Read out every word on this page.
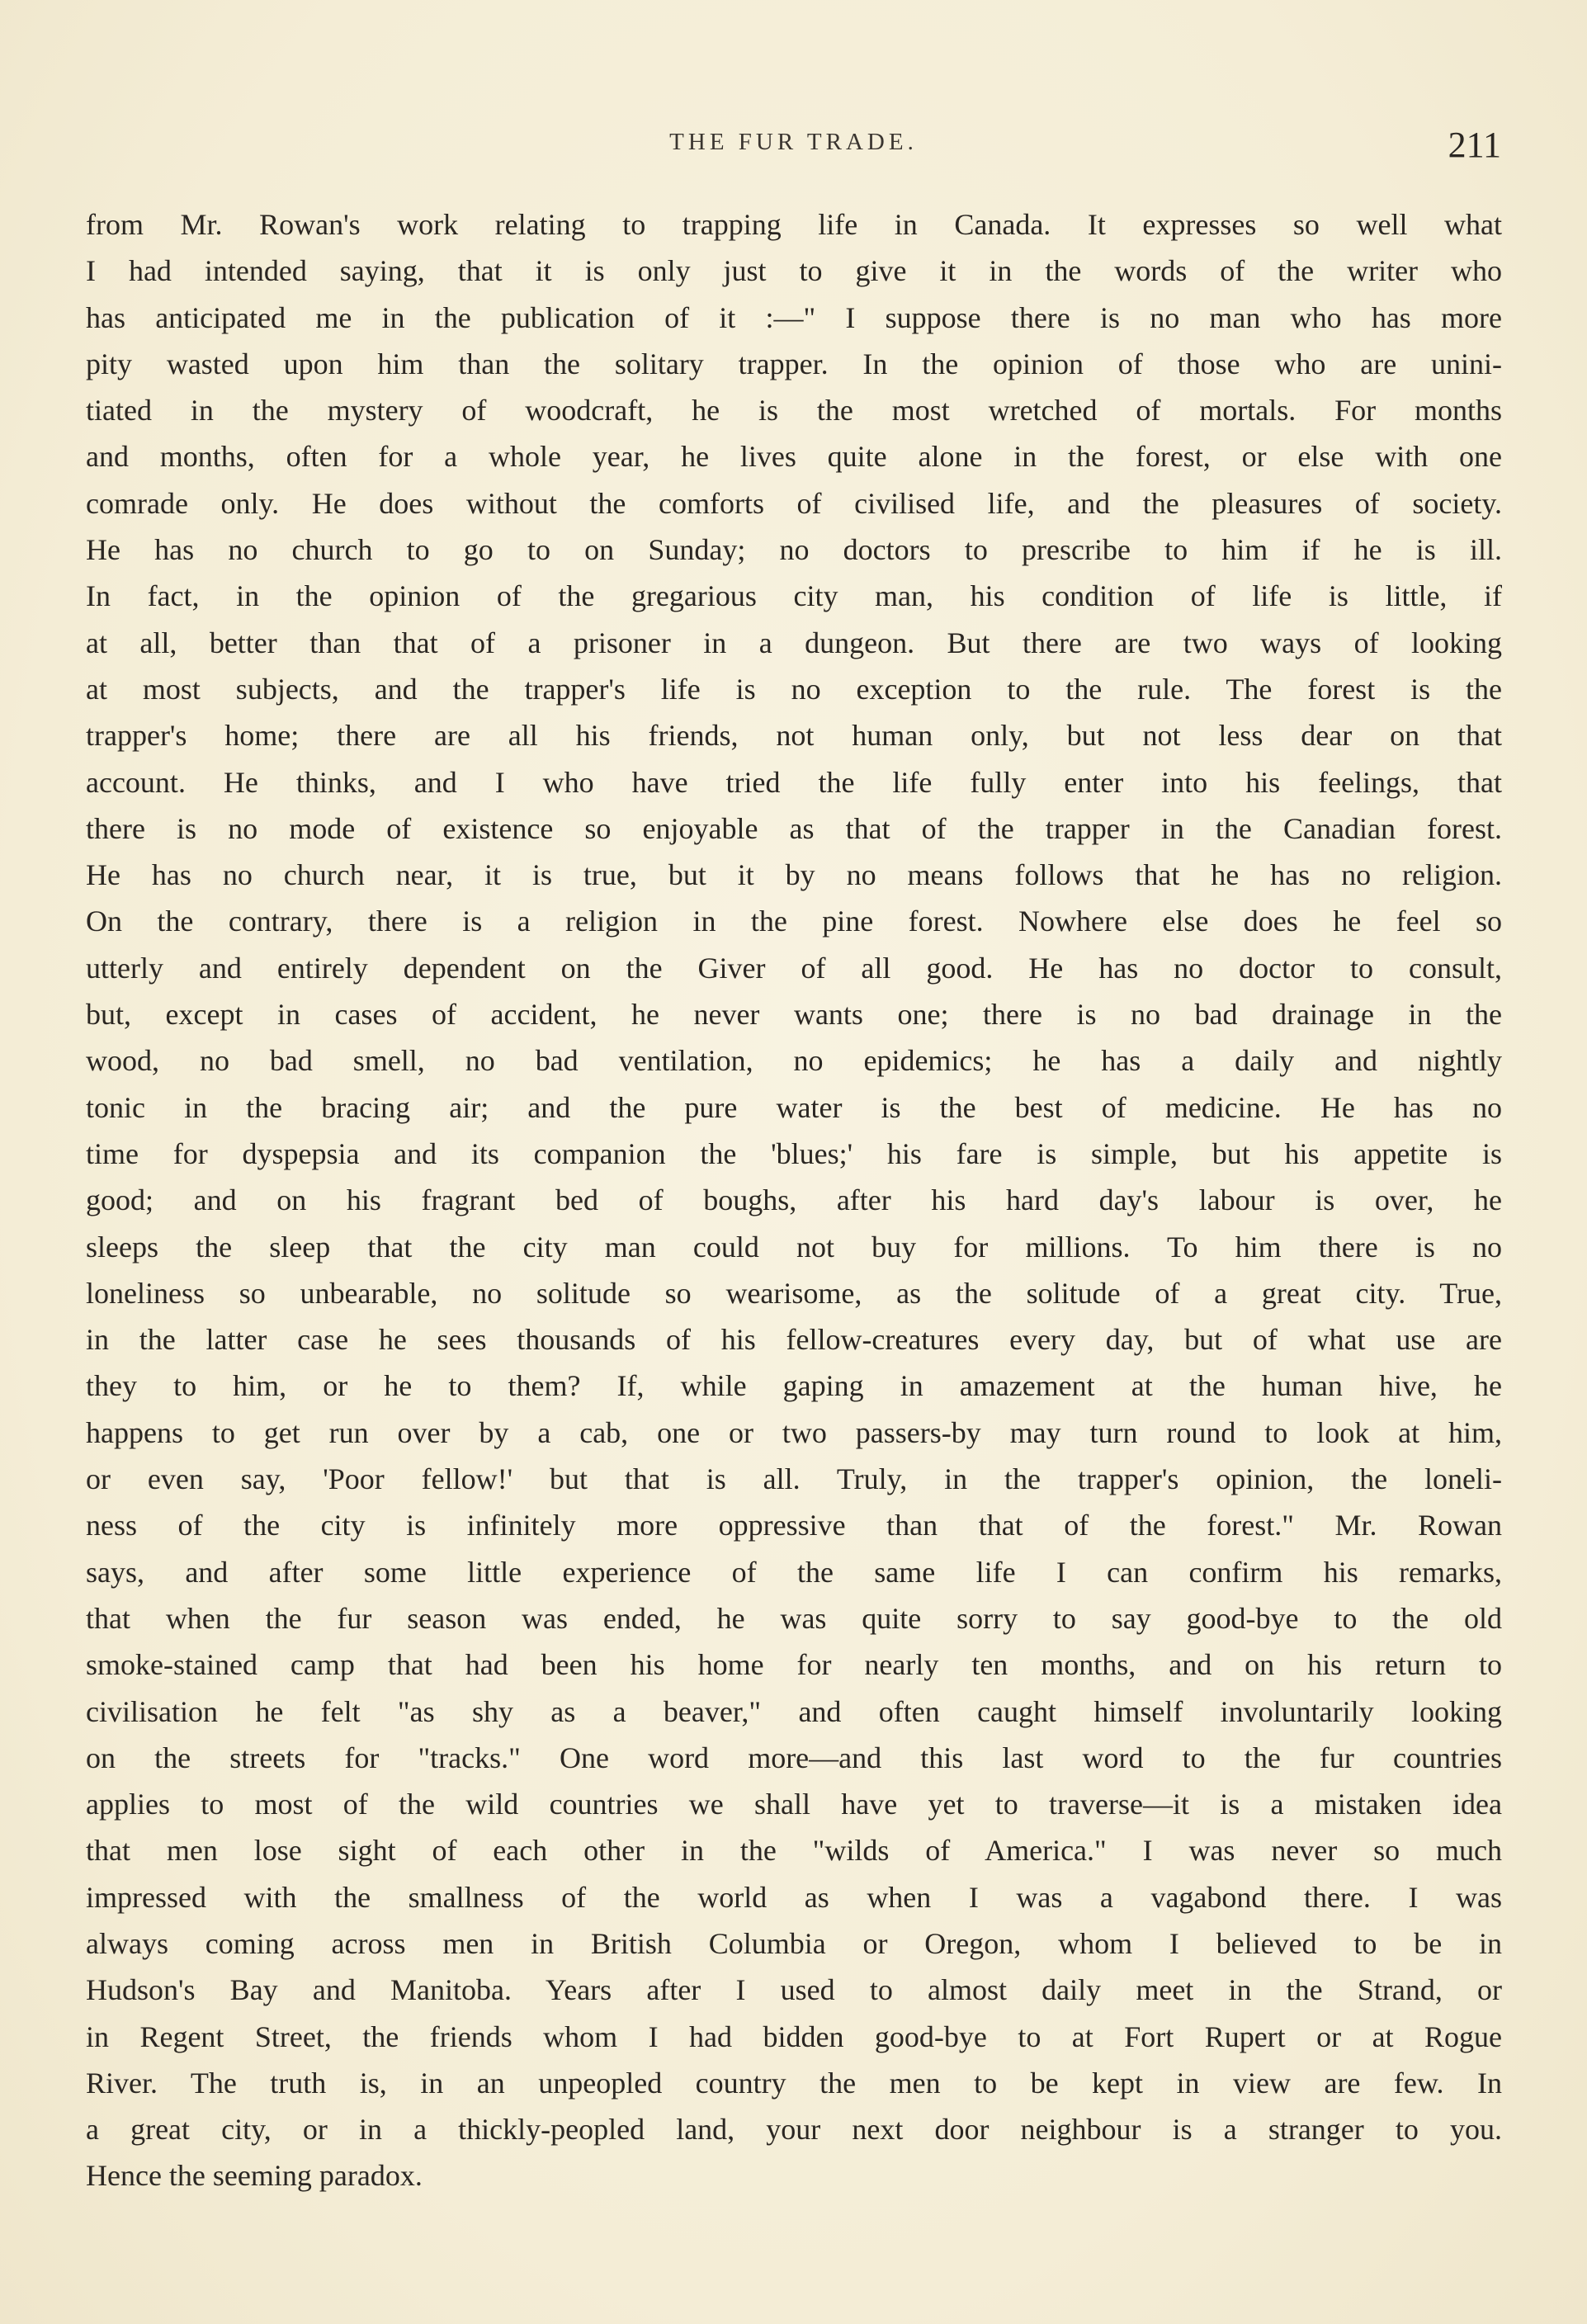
THE FUR TRADE.	211
from Mr. Rowan's work relating to trapping life in Canada. It expresses so well what
I had intended saying, that it is only just to give it in the words of the writer who
has anticipated me in the publication of it :—" I suppose there is no man who has more
pity wasted upon him than the solitary trapper. In the opinion of those who are unini-
tiated in the mystery of woodcraft, he is the most wretched of mortals. For months
and months, often for a whole year, he lives quite alone in the forest, or else with one
comrade only. He does without the comforts of civilised life, and the pleasures of society.
He has no church to go to on Sunday; no doctors to prescribe to him if he is ill.
In fact, in the opinion of the gregarious city man, his condition of life is little, if
at all, better than that of a prisoner in a dungeon. But there are two ways of looking
at most subjects, and the trapper's life is no exception to the rule. The forest is the
trapper's home; there are all his friends, not human only, but not less dear on that
account. He thinks, and I who have tried the life fully enter into his feelings, that
there is no mode of existence so enjoyable as that of the trapper in the Canadian forest.
He has no church near, it is true, but it by no means follows that he has no religion.
On the contrary, there is a religion in the pine forest. Nowhere else does he feel so
utterly and entirely dependent on the Giver of all good. He has no doctor to consult,
but, except in cases of accident, he never wants one; there is no bad drainage in the
wood, no bad smell, no bad ventilation, no epidemics; he has a daily and nightly
tonic in the bracing air; and the pure water is the best of medicine. He has no
time for dyspepsia and its companion the 'blues;' his fare is simple, but his appetite is
good; and on his fragrant bed of boughs, after his hard day's labour is over, he
sleeps the sleep that the city man could not buy for millions. To him there is no
loneliness so unbearable, no solitude so wearisome, as the solitude of a great city. True,
in the latter case he sees thousands of his fellow-creatures every day, but of what use are
they to him, or he to them? If, while gaping in amazement at the human hive, he
happens to get run over by a cab, one or two passers-by may turn round to look at him,
or even say, 'Poor fellow!' but that is all. Truly, in the trapper's opinion, the loneli-
ness of the city is infinitely more oppressive than that of the forest." Mr. Rowan
says, and after some little experience of the same life I can confirm his remarks,
that when the fur season was ended, he was quite sorry to say good-bye to the old
smoke-stained camp that had been his home for nearly ten months, and on his return to
civilisation he felt "as shy as a beaver," and often caught himself involuntarily looking
on the streets for "tracks." One word more—and this last word to the fur countries
applies to most of the wild countries we shall have yet to traverse—it is a mistaken idea
that men lose sight of each other in the "wilds of America." I was never so much
impressed with the smallness of the world as when I was a vagabond there. I was
always coming across men in British Columbia or Oregon, whom I believed to be in
Hudson's Bay and Manitoba. Years after I used to almost daily meet in the Strand, or
in Regent Street, the friends whom I had bidden good-bye to at Fort Rupert or at Rogue
River. The truth is, in an unpeopled country the men to be kept in view are few. In
a great city, or in a thickly-peopled land, your next door neighbour is a stranger to you.
Hence the seeming paradox.
